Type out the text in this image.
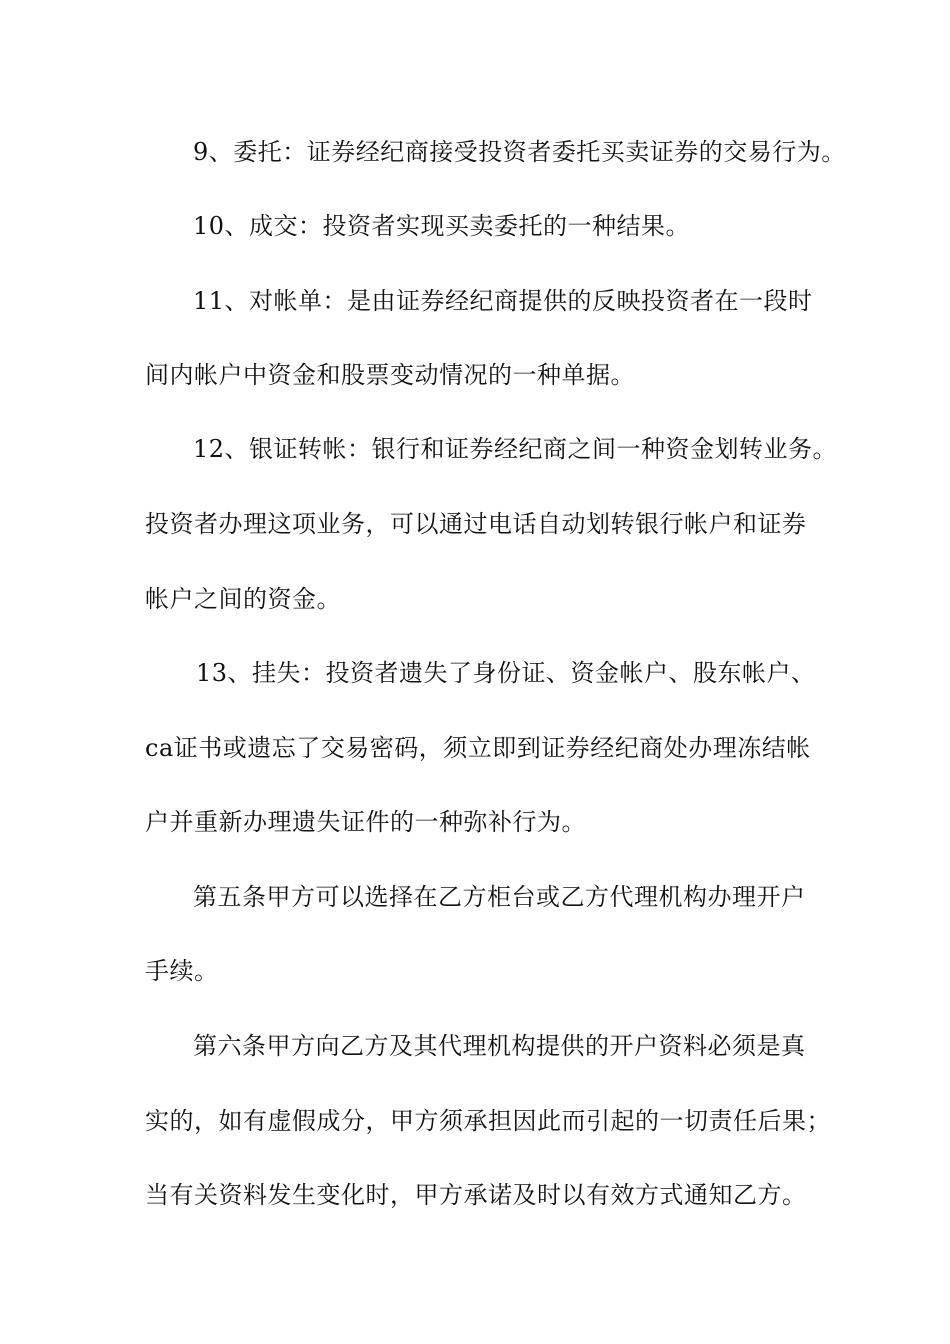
9、委托：证券经纪商接受投资者委托买卖证券的交易行为。
10、成交：投资者实现买卖委托的一种结果。
11、对帐单：是由证券经纪商提供的反映投资者在一段时
间内帐户中资金和股票变动情况的一种单据。
12、银证转帐：银行和证券经纪商之间一种资金划转业务。
投资者办理这项业务，可以通过电话自动划转银行帐户和证券
帐户之间的资金。
13、挂失：投资者遗失了身份证、资金帐户、股东帐户、
ca证书或遗忘了交易密码，须立即到证券经纪商处办理冻结帐
户并重新办理遗失证件的一种弥补行为。
第五条甲方可以选择在乙方柜台或乙方代理机构办理开户
手续。
第六条甲方向乙方及其代理机构提供的开户资料必须是真
实的，如有虚假成分，甲方须承担因此而引起的一切责任后果；
当有关资料发生变化时，甲方承诺及时以有效方式通知乙方。
